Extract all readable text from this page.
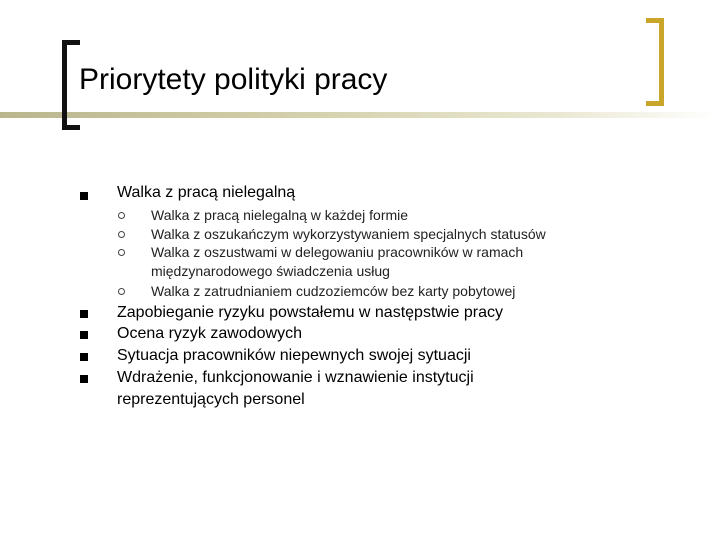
Priorytety polityki pracy
Walka z pracą nielegalną
Walka z pracą nielegalną w każdej formie
Walka z oszukańczym wykorzystywaniem specjalnych statusów
Walka z oszustwami w delegowaniu pracowników w ramach
międzynarodowego świadczenia usług
Walka z zatrudnianiem cudzoziemców bez karty pobytowej
Zapobieganie ryzyku powstałemu w następstwie pracy
Ocena ryzyk zawodowych
Sytuacja pracowników niepewnych swojej sytuacji
Wdrażenie, funkcjonowanie i wznawienie instytucji
reprezentujących personel
